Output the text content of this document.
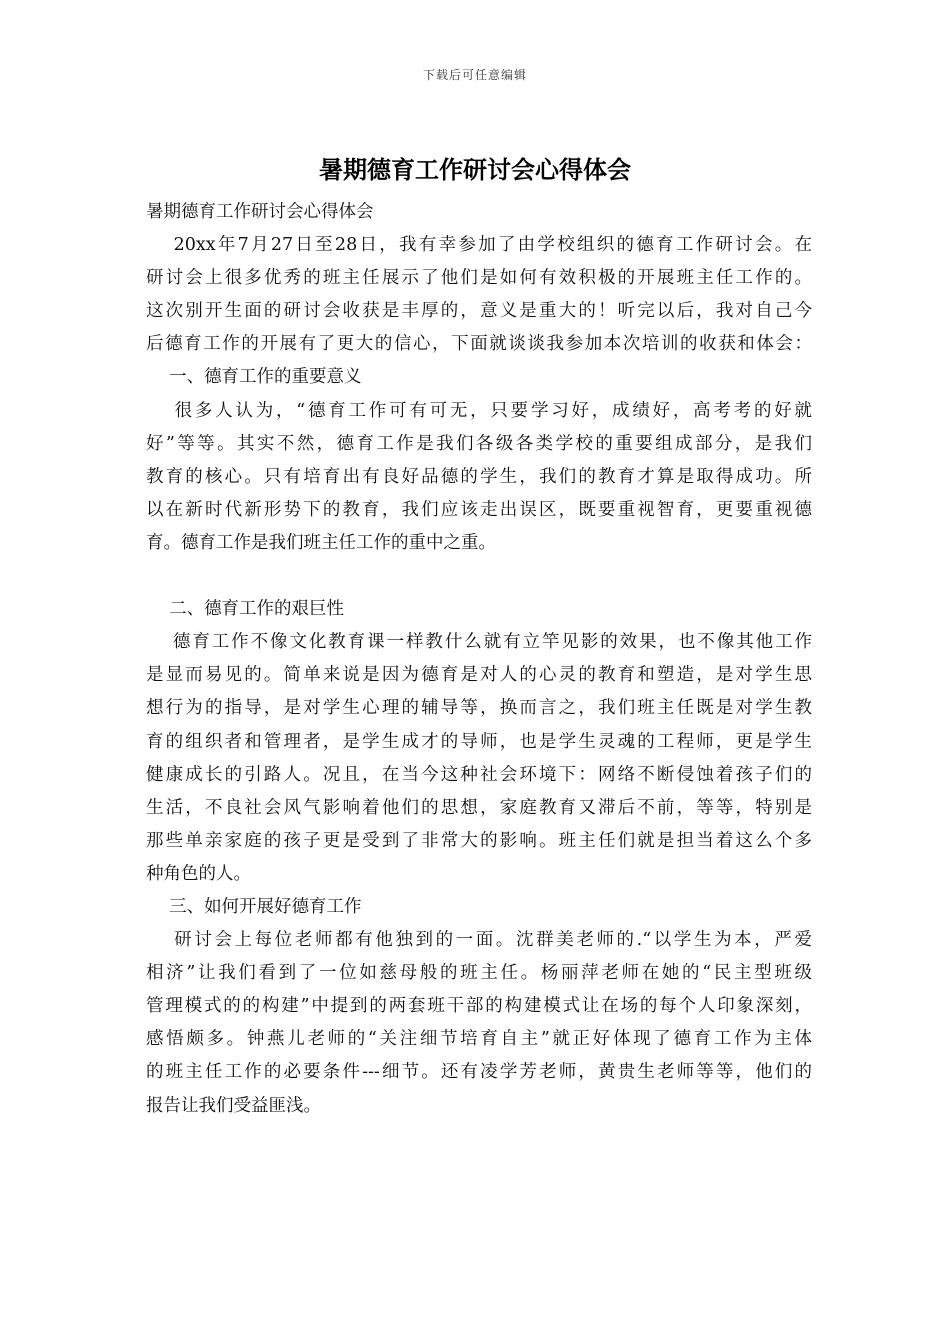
下载后可任意编辑
暑期德育工作研讨会心得体会
暑期德育工作研讨会心得体会
　 20xx年7月27日至28日，我有幸参加了由学校组织的德育工作研讨会。在
研讨会上很多优秀的班主任展示了他们是如何有效积极的开展班主任工作的。
这次别开生面的研讨会收获是丰厚的，意义是重大的！听完以后，我对自己今
后德育工作的开展有了更大的信心，下面就谈谈我参加本次培训的收获和体会：
　 一、德育工作的重要意义
　 很多人认为，“德育工作可有可无，只要学习好，成绩好，高考考的好就
好”等等。其实不然，德育工作是我们各级各类学校的重要组成部分，是我们
教育的核心。只有培育出有良好品德的学生，我们的教育才算是取得成功。所
以在新时代新形势下的教育，我们应该走出误区，既要重视智育，更要重视德
育。德育工作是我们班主任工作的重中之重。
　 二、德育工作的艰巨性
　 德育工作不像文化教育课一样教什么就有立竿见影的效果，也不像其他工作
是显而易见的。简单来说是因为德育是对人的心灵的教育和塑造，是对学生思
想行为的指导，是对学生心理的辅导等，换而言之，我们班主任既是对学生教
育的组织者和管理者，是学生成才的导师，也是学生灵魂的工程师，更是学生
健康成长的引路人。况且，在当今这种社会环境下：网络不断侵蚀着孩子们的
生活，不良社会风气影响着他们的思想，家庭教育又滞后不前，等等，特别是
那些单亲家庭的孩子更是受到了非常大的影响。班主任们就是担当着这么个多
种角色的人。
　 三、如何开展好德育工作
　 研讨会上每位老师都有他独到的一面。沈群美老师的.“以学生为本，严爱
相济”让我们看到了一位如慈母般的班主任。杨丽萍老师在她的“民主型班级
管理模式的的构建”中提到的两套班干部的构建模式让在场的每个人印象深刻，
感悟颇多。钟燕儿老师的“关注细节培育自主”就正好体现了德育工作为主体
的班主任工作的必要条件---细节。还有凌学芳老师，黄贵生老师等等，他们的
报告让我们受益匪浅。
